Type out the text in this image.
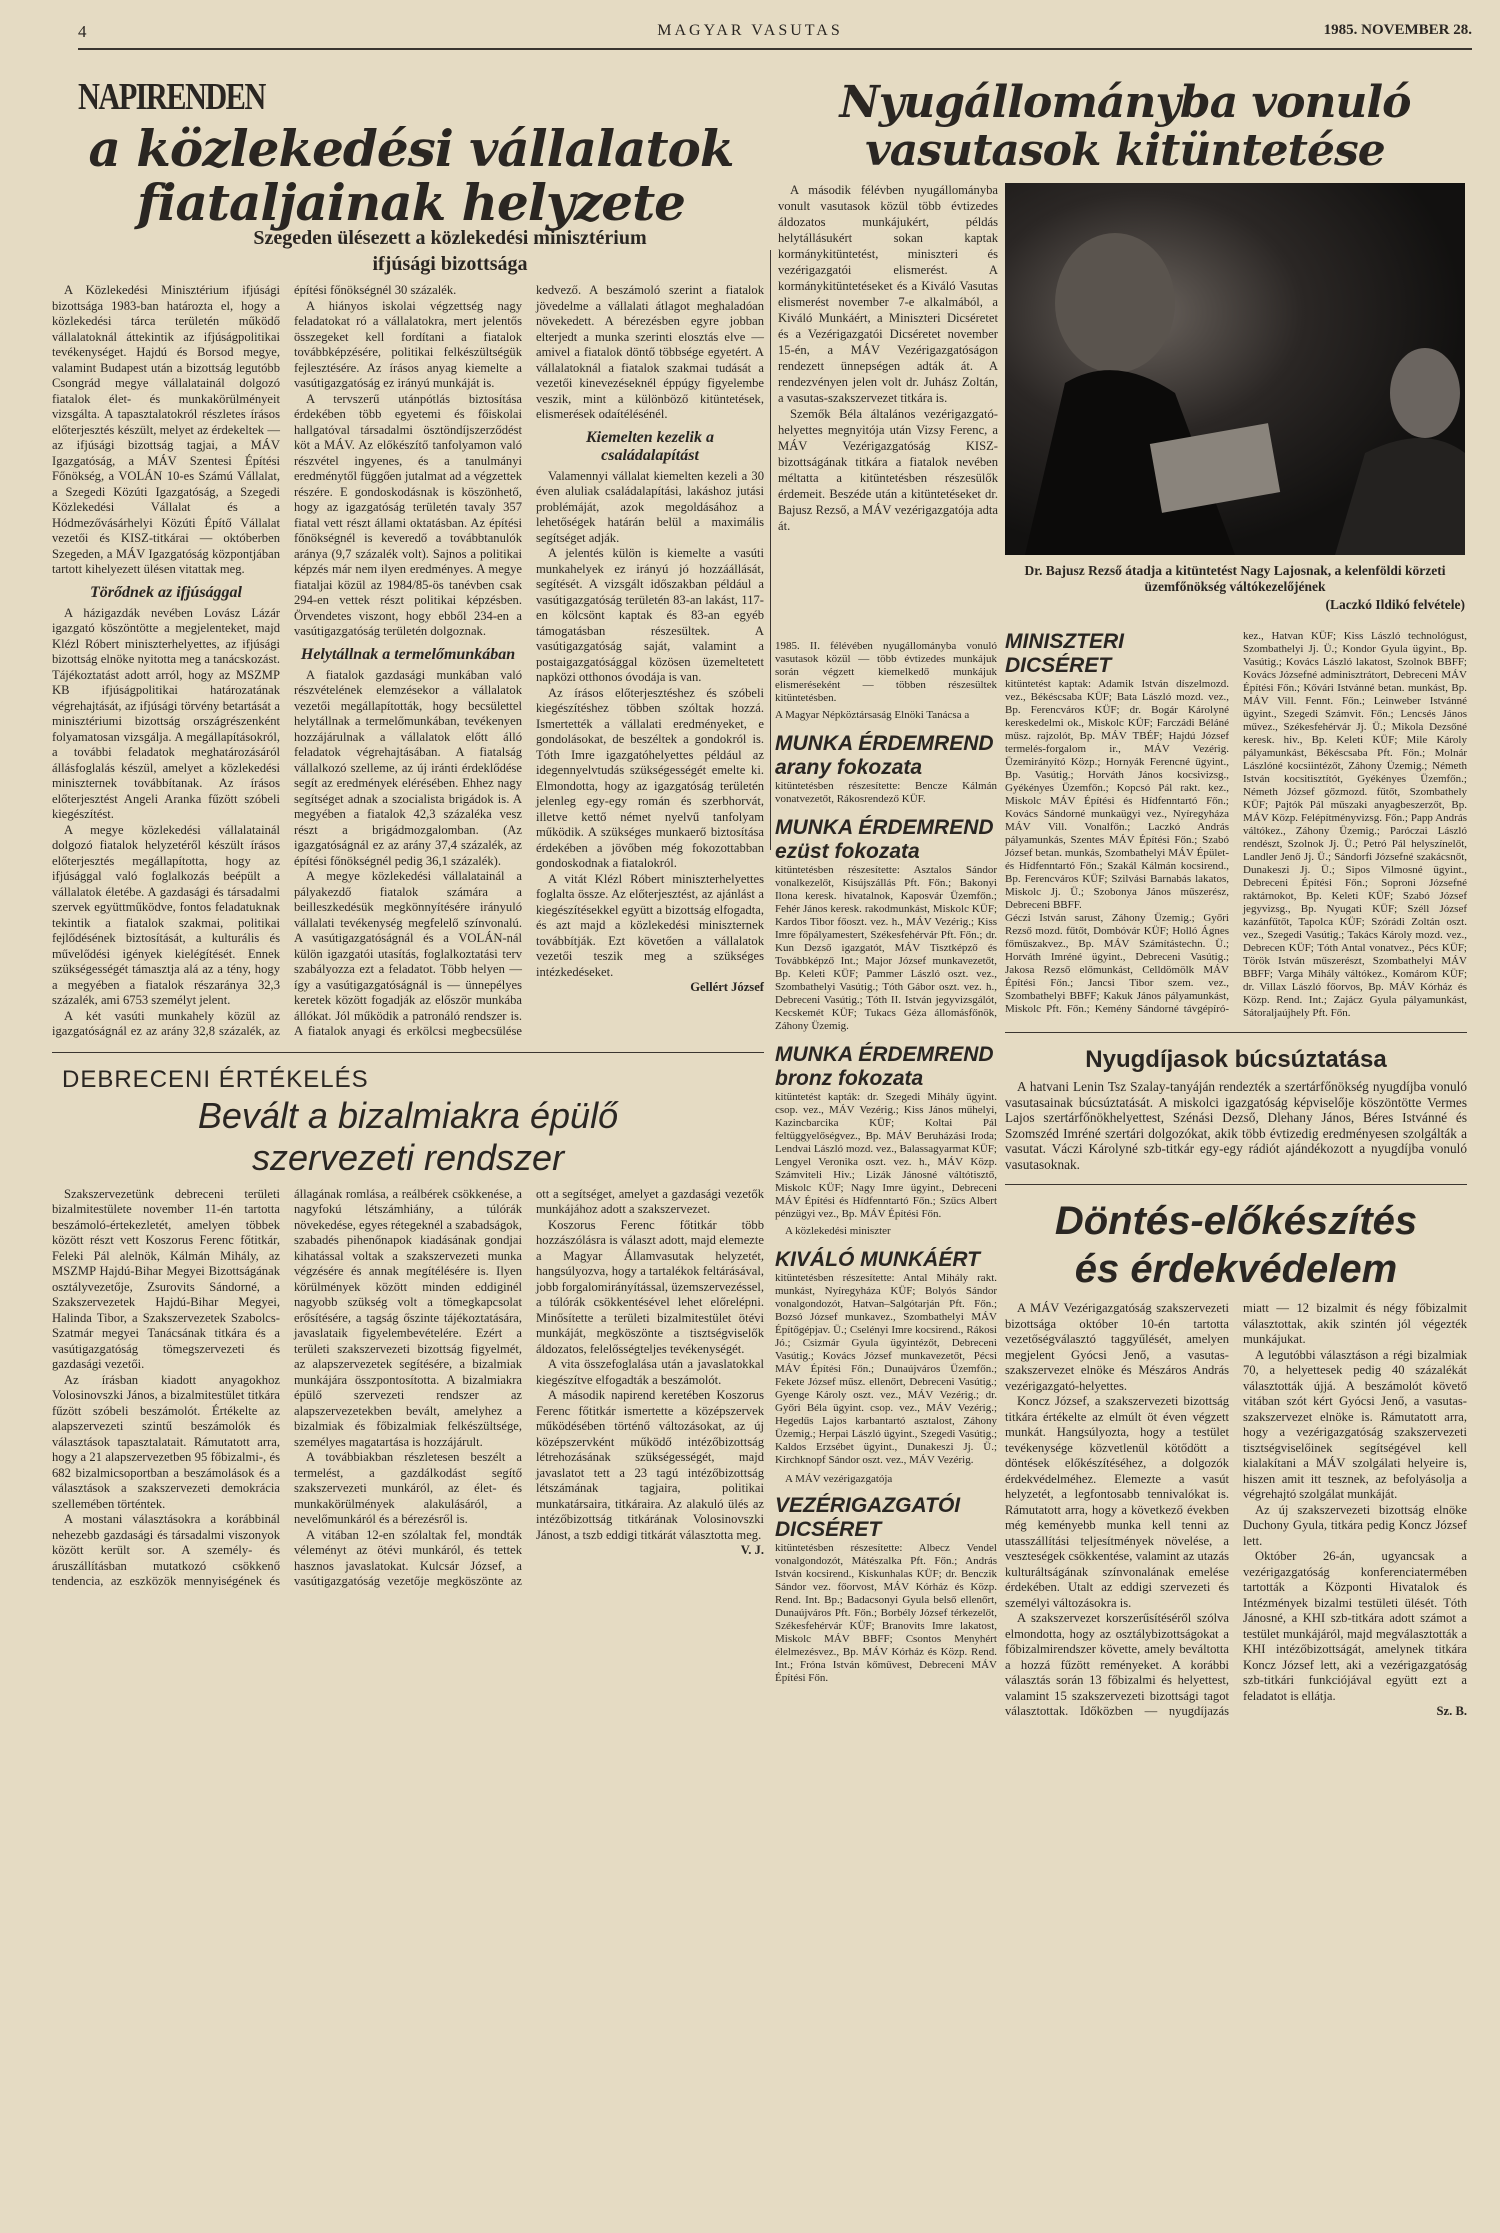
4	MAGYAR VASUTAS	1985. NOVEMBER 28.
NAPIRENDEN
a közlekedési vállalatok
fiataljainak helyzete
Szegeden ülésezett a közlekedési minisztérium ifjúsági bizottsága

A Közlekedési Minisztérium ifjúsági bizottsága 1983-ban határozta el, hogy a közlekedési tárca területén működő vállalatoknál áttekintik az ifjúságpolitikai tevékenységet. Hajdú és Borsod megye, valamint Budapest után a bizottság legutóbb Csongrád megye vállalatainál dolgozó fiatalok élet- és munkakörülményeit vizsgálta. A tapasztalatokról részletes írásos előterjesztés készült, melyet az érdekeltek — az ifjúsági bizottság tagjai, a MÁV Igazgatóság, a MÁV Szentesi Építési Főnökség, a VOLÁN 10-es Számú Vállalat, a Szegedi Közúti Igazgatóság, a Szegedi Közlekedési Vállalat és a Hódmezővásárhelyi Közúti Építő Vállalat vezetői és KISZ-titkárai — októberben Szegeden, a MÁV Igazgatóság központjában tartott kihelyezett ülésen vitattak meg.

Törődnek az ifjúsággal

A házigazdák nevében Lovász Lázár igazgató köszöntötte a megjelenteket, majd Klézl Róbert miniszterhelyettes, az ifjúsági bizottság elnöke nyitotta meg a tanácskozást. Tájékoztatást adott arról, hogy az MSZMP KB ifjúságpolitikai határozatának végrehajtását, az ifjúsági törvény betartását a minisztériumi bizottság országrészenként folyamatosan vizsgálja. A megállapításokról, a további feladatok meghatározásáról állásfoglalás készül, amelyet a közlekedési miniszternek továbbítanak. Az írásos előterjesztést Angeli Aranka fűzött szóbeli kiegészítést.

A megye közlekedési vállalatainál dolgozó fiatalok helyzetéről készült írásos előterjesztés megállapította, hogy az ifjúsággal való foglalkozás beépült a vállalatok életébe. A gazdasági és társadalmi szervek együttműködve, fontos feladatuknak tekintik a fiatalok szakmai, politikai fejlődésének biztosítását, a kulturális és művelődési igények kielégítését. Ennek szükségességét támasztja alá az a tény, hogy a megyében a fiatalok részaránya 32,3 százalék, ami 6753 személyt jelent.

A két vasúti munkahely közül az igazgatóságnál ez az arány 32,8 százalék, az építési főnökségnél 30 százalék.

A hiányos iskolai végzettség nagy feladatokat ró a vállalatokra, mert jelentős összegeket kell fordítani a fiatalok továbbképzésére, politikai felkészültségük fejlesztésére. Az írásos anyag kiemelte a vasútigazgatóság ez irányú munkáját is.

A tervszerű utánpótlás biztosítása érdekében több egyetemi és főiskolai hallgatóval társadalmi ösztöndíjszerződést köt a MÁV. Az előkészítő tanfolyamon való részvétel ingyenes, és a tanulmányi eredménytől függően jutalmat ad a végzettek részére. E gondoskodásnak is köszönhető, hogy az igazgatóság területén tavaly 357 fiatal vett részt állami oktatásban. Az építési főnökségnél is keveredő a továbbtanulók aránya (9,7 százalék volt). Sajnos a politikai képzés már nem ilyen eredményes. A megye fiataljai közül az 1984/85-ös tanévben csak 294-en vettek részt politikai képzésben. Örvendetes viszont, hogy ebből 234-en a vasútigazgatóság területén dolgoznak.

Helytállnak a termelőmunkában

A fiatalok gazdasági munkában való részvételének elemzésekor a vállalatok vezetői megállapították, hogy becsülettel helytállnak a termelőmunkában, tevékenyen hozzájárulnak a vállalatok előtt álló feladatok végrehajtásában. A fiatalság vállalkozó szelleme, az új iránti érdeklődése segít az eredmények elérésében. Ehhez nagy segítséget adnak a szocialista brigádok is. A megyében a fiatalok 42,3 százaléka vesz részt a brigádmozgalomban. (Az igazgatóságnál ez az arány 37,4 százalék, az építési főnökségnél pedig 36,1 százalék).

A megye közlekedési vállalatainál a pályakezdő fiatalok számára a beilleszkedésük megkönnyítésére irányuló vállalati tevékenység megfelelő színvonalú. A vasútigazgatóságnál és a VOLÁN-nál külön igazgatói utasítás, foglalkoztatási terv szabályozza ezt a feladatot. Több helyen — így a vasútigazgatóságnál is — ünnepélyes keretek között fogadják az először munkába állókat. Jól működik a patronáló rendszer is. A fiatalok anyagi és erkölcsi megbecsülése kedvező. A beszámoló szerint a fiatalok jövedelme a vállalati átlagot meghaladóan növekedett. A bérezésben egyre jobban elterjedt a munka szerinti elosztás elve — amivel a fiatalok döntő többsége egyetért. A vállalatoknál a fiatalok szakmai tudását a vezetői kinevezéseknél éppúgy figyelembe veszik, mint a különböző kitüntetések, elismerések odaítélésénél.

Kiemelten kezelik a családalapítást

Valamennyi vállalat kiemelten kezeli a 30 éven aluliak családalapítási, lakáshoz jutási problémáját, azok megoldásához a lehetőségek határán belül a maximális segítséget adják.

A jelentés külön is kiemelte a vasúti munkahelyek ez irányú jó hozzáállását, segítését. A vizsgált időszakban például a vasútigazgatóság területén 83-an lakást, 117-en kölcsönt kaptak és 83-an egyéb támogatásban részesültek. A vasútigazgatóság saját, valamint a postaigazgatósággal közösen üzemeltetett napközi otthonos óvodája is van.

Az írásos előterjesztéshez és szóbeli kiegészítéshez többen szóltak hozzá. Ismertették a vállalati eredményeket, e gondolásokat, de beszéltek a gondokról is. Tóth Imre igazgatóhelyettes például az idegennyelvtudás szükségességét emelte ki. Elmondotta, hogy az igazgatóság területén jelenleg egy-egy román és szerbhorvát, illetve kettő német nyelvű tanfolyam működik. A szükséges munkaerő biztosítása érdekében a jövőben még fokozottabban gondoskodnak a fiatalokról.

A vitát Klézl Róbert miniszterhelyettes foglalta össze. Az előterjesztést, az ajánlást a kiegészítésekkel együtt a bizottság elfogadta, és azt majd a közlekedési miniszternek továbbítják. Ezt követően a vállalatok vezetői teszik meg a szükséges intézkedéseket.

Gellért József
DEBRECENI ÉRTÉKELÉS
Bevált a bizalmiakra épülő
szervezeti rendszer

Szakszervezetünk debreceni területi bizalmitestülete november 11-én tartotta beszámoló-értekezletét, amelyen többek között részt vett Koszorus Ferenc főtitkár, Feleki Pál alelnök, Kálmán Mihály, az MSZMP Hajdú-Bihar Megyei Bizottságának osztályvezetője, Zsurovits Sándorné, a Szakszervezetek Hajdú-Bihar Megyei, Halinda Tibor, a Szakszervezetek Szabolcs-Szatmár megyei Tanácsának titkára és a vasútigazgatóság tömegszervezeti és gazdasági vezetői.

Az írásban kiadott anyagokhoz Volosinovszki János, a bizalmitestület titkára fűzött szóbeli beszámolót. Értékelte az alapszervezeti szintű beszámolók és választások tapasztalatait. Rámutatott arra, hogy a 21 alapszervezetben 95 főbizalmi-, és 682 bizalmicsoportban a beszámolások és a választások a szakszervezeti demokrácia szellemében történtek.

A mostani választásokra a korábbinál nehezebb gazdasági és társadalmi viszonyok között került sor. A személy- és áruszállításban mutatkozó csökkenő tendencia, az eszközök mennyiségének és állagának romlása, a reálbérek csökkenése, a nagyfokú létszámhiány, a túlórák növekedése, egyes rétegeknél a szabadságok, szabadés pihenőnapok kiadásának gondjai kihatással voltak a szakszervezeti munka végzésére és annak megítélésére is. Ilyen körülmények között minden eddiginél nagyobb szükség volt a tömegkapcsolat erősítésére, a tagság őszinte tájékoztatására, javaslataik figyelembevételére. Ezért a területi szakszervezeti bizottság figyelmét, az alapszervezetek segítésére, a bizalmiak munkájára összpontosította. A bizalmiakra épülő szervezeti rendszer az alapszervezetekben bevált, amelyhez a bizalmiak és főbizalmiak felkészültsége, személyes magatartása is hozzájárult.

A továbbiakban részletesen beszélt a termelést, a gazdálkodást segítő szakszervezeti munkáról, az élet- és munkakörülmények alakulásáról, a nevelőmunkáról és a bérezésről is.

A vitában 12-en szólaltak fel, mondták véleményt az ötévi munkáról, és tettek hasznos javaslatokat. Kulcsár József, a vasútigazgatóság vezetője megköszönte az ott a segítséget, amelyet a gazdasági vezetők munkájához adott a szakszervezet.

Koszorus Ferenc főtitkár több hozzászólásra is választ adott, majd elemezte a Magyar Államvasutak helyzetét, hangsúlyozva, hogy a tartalékok feltárásával, jobb forgalomirányítással, üzemszervezéssel, a túlórák csökkentésével lehet előrelépni. Minősítette a területi bizalmitestület ötévi munkáját, megköszönte a tisztségviselők áldozatos, felelősségteljes tevékenységét.

A vita összefoglalása után a javaslatokkal kiegészítve elfogadták a beszámolót.

A második napirend keretében Koszorus Ferenc főtitkár ismertette a középszervek működésében történő változásokat, az új középszervként működő intézőbizottság létrehozásának szükségességét, majd javaslatot tett a 23 tagú intézőbizottság létszámának tagjaira, politikai munkatársaira, titkáraira. Az alakuló ülés az intézőbizottság titkárának Volosinovszki Jánost, a tszb eddigi titkárát választotta meg.

V. J.
Nyugállományba vonuló
vasutasok kitüntetése

A második félévben nyugállományba vonult vasutasok közül több évtizedes áldozatos munkájukért, példás helytállásukért sokan kaptak kormánykitüntetést, miniszteri és vezérigazgatói elismerést. A kormánykitüntetéseket és a Kiváló Vasutas elismerést november 7-e alkalmából, a Kiváló Munkáért, a Miniszteri Dicséretet és a Vezérigazgatói Dicséretet november 15-én, a MÁV Vezérigazgatóságon rendezett ünnepségen adták át. A rendezvényen jelen volt dr. Juhász Zoltán, a vasutas-szakszervezet titkára is.

Szemők Béla általános vezérigazgató-helyettes megnyitója után Vizsy Ferenc, a MÁV Vezérigazgatóság KISZ-bizottságának titkára a fiatalok nevében méltatta a kitüntetésben részesülők érdemeit. Beszéde után a kitüntetéseket dr. Bajusz Rezső, a MÁV vezérigazgatója adta át.

Dr. Bajusz Rezső átadja a kitüntetést Nagy Lajosnak, a kelenföldi körzeti üzemfőnökség váltókezelőjének
(Laczkó Ildikó felvétele)
1985. II. félévében nyugállományba vonuló vasutasok közül — több évtizedes munkájuk során végzett kiemelkedő munkájuk elismeréseként — többen részesültek kitüntetésben.
A Magyar Népköztársaság Elnöki Tanácsa a
MUNKA ÉRDEMREND
arany fokozata
kitüntetésben részesítette: Bencze Kálmán vonatvezetőt, Rákosrendező KÜF.
MUNKA ÉRDEMREND
ezüst fokozata
kitüntetésben részesítette: Asztalos Sándor vonalkezelőt, Kisújszállás Pft. Főn.; Bakonyi Ilona keresk. hivatalnok, Kaposvár Üzemfőn.; Fehér János keresk. rakodmunkást, Miskolc KÜF; Kardos Tibor főoszt. vez. h., MÁV Vezérig.; Kiss Imre főpályamestert, Székesfehérvár Pft. Főn.; dr. Kun Dezső igazgatót, MÁV Tisztképző és Továbbképző Int.; Major József munkavezetőt, Bp. Keleti KÜF; Pammer László oszt. vez., Szombathelyi Vasútig.; Tóth Gábor oszt. vez. h., Debreceni Vasútig.; Tóth II. István jegyvizsgálót, Kecskemét KÜF; Tukacs Géza állomásfőnök, Záhony Üzemig.
MUNKA ÉRDEMREND
bronz fokozata
kitüntetést kapták: dr. Szegedi Mihály ügyint. csop. vez., MÁV Vezérig.; Kiss János műhelyi, Kazincbarcika KÜF; Koltai Pál feltüggyelőségvez., Bp. MÁV Beruházási Iroda; Lendvai László mozd. vez., Balassagyarmat KÜF; Lengyel Veronika oszt. vez. h., MÁV Közp. Számviteli Hiv.; Lizák Jánosné váltótisztő, Miskolc KÜF; Nagy Imre ügyint., Debreceni MÁV Építési és Hídfenntartó Főn.; Szűcs Albert pénzügyi vez., Bp. MÁV Építési Főn.
A közlekedési miniszter
KIVÁLÓ MUNKÁÉRT
kitüntetésben részesítette: Antal Mihály rakt. munkást, Nyíregyháza KÜF; Bolyós Sándor vonalgondozót, Hatvan–Salgótarján Pft. Főn.; Bozsó József munkavez., Szombathelyi MÁV Építőgépjav. Ü.; Cselényi Imre kocsirend., Rákosi Jó.; Csizmár Gyula ügyintézőt, Debreceni Vasútig.; Kovács József munkavezetőt, Pécsi MÁV Építési Főn.; Dunaújváros Üzemfőn.; Fekete József műsz. ellenőrt, Debreceni Vasútig.; Gyenge Károly oszt. vez., MÁV Vezérig.; dr. Győri Béla ügyint. csop. vez., MÁV Vezérig.; Hegedűs Lajos karbantartó asztalost, Záhony Üzemig.; Herpai László ügyint., Szegedi Vasútig.; Kaldos Erzsébet ügyint., Dunakeszi Jj. Ü.; Kirchknopf Sándor oszt. vez., MÁV Vezérig.
A MÁV vezérigazgatója
VEZÉRIGAZGATÓI
DICSÉRET
kitüntetésben részesítette: Albecz Vendel vonalgondozót, Mátészalka Pft. Főn.; András István kocsirend., Kiskunhalas KÜF; dr. Benczik Sándor vez. főorvost, MÁV Kórház és Közp. Rend. Int. Bp.; Badacsonyi Gyula belső ellenőrt, Dunaújváros Pft. Főn.; Borbély József térkezelőt, Székesfehérvár KÜF; Branovits Imre lakatost, Miskolc MÁV BBFF; Csontos Menyhért élelmezésvez., Bp. MÁV Kórház és Közp. Rend. Int.; Fróna István kőművest, Debreceni MÁV Építési Főn.
MINISZTERI
DICSÉRET
kitüntetést kaptak: Adamik István díszelmozd. vez., Békéscsaba KÜF; Bata László mozd. vez., Bp. Ferencváros KÜF; dr. Bogár Károlyné kereskedelmi ok., Miskolc KÜF; Farczádi Béláné műsz. rajzolót, Bp. MÁV TBÉF; Hajdú József termelés-forgalom ir., MÁV Vezérig. Üzemirányító Közp.; Hornyák Ferencné ügyint., Bp. Vasútig.; Horváth János kocsivizsg., Gyékényes Üzemfőn.; Kopcsó Pál rakt. kez., Miskolc MÁV Építési és Hídfenntartó Főn.; Kovács Sándorné munkaügyi vez., Nyíregyháza MÁV Vill. Vonalfőn.; Laczkó András pályamunkás, Szentes MÁV Építési Főn.; Szabó József betan. munkás, Szombathelyi MÁV Épület- és Hídfenntartó Főn.; Szakál Kálmán kocsirend., Bp. Ferencváros KÜF; Szilvási Barnabás lakatos, Miskolc Jj. Ü.; Szobonya János műszerész, Debreceni BBFF.
Géczi István sarust, Záhony Üzemig.; Győri Rezső mozd. fűtőt, Dombóvár KÜF; Holló Ágnes főműszakvez., Bp. MÁV Számítástechn. Ü.; Horváth Imréné ügyint., Debreceni Vasútig.; Jakosa Rezső előmunkást, Celldömölk MÁV Építési Főn.; Jancsi Tibor szem. vez., Szombathelyi BBFF; Kakuk János pályamunkást, Miskolc Pft. Főn.; Kemény Sándorné távgépíró-kez., Hatvan KÜF; Kiss László technológust, Szombathelyi Jj. Ü.; Kondor Gyula ügyint., Bp. Vasútig.; Kovács László lakatost, Szolnok BBFF; Kovács Józsefné adminisztrátort, Debreceni MÁV Építési Főn.; Kővári Istvánné betan. munkást, Bp. MÁV Vill. Fennt. Főn.; Leinweber Istvánné ügyint., Szegedi Számvit. Főn.; Lencsés János művez., Székesfehérvár Jj. Ü.; Mikola Dezsőné keresk. hiv., Bp. Keleti KÜF; Mile Károly pályamunkást, Békéscsaba Pft. Főn.; Molnár Lászlóné kocsiintézőt, Záhony Üzemig.; Németh István kocsitisztítót, Gyékényes Üzemfőn.; Németh József gőzmozd. fűtőt, Szombathely KÜF; Pajtók Pál műszaki anyagbeszerzőt, Bp. MÁV Közp. Felépítményvizsg. Főn.; Papp András váltókez., Záhony Üzemig.; Paróczai László rendészt, Szolnok Jj. Ü.; Petró Pál helyszínelőt, Landler Jenő Jj. Ü.; Sándorfi Józsefné szakácsnőt, Dunakeszi Jj. Ü.; Sipos Vilmosné ügyint., Debreceni Építési Főn.; Soproni Józsefné raktárnokot, Bp. Keleti KÜF; Szabó József jegyvizsg., Bp. Nyugati KÜF; Széll József kazánfűtőt, Tapolca KÜF; Szórádi Zoltán oszt. vez., Szegedi Vasútig.; Takács Károly mozd. vez., Debrecen KÜF; Tóth Antal vonatvez., Pécs KÜF; Török István műszerészt, Szombathelyi MÁV BBFF; Varga Mihály váltókez., Komárom KÜF; dr. Villax László főorvos, Bp. MÁV Kórház és Közp. Rend. Int.; Zajácz Gyula pályamunkást, Sátoraljaújhely Pft. Főn.
Nyugdíjasok búcsúztatása

A hatvani Lenin Tsz Szalay-tanyáján rendezték a szertárfőnökség nyugdíjba vonuló vasutasainak búcsúztatását. A miskolci igazgatóság képviselője köszöntötte Vermes Lajos szertárfőnökhelyettest, Szénási Dezső, Dlehany János, Béres Istvánné és Szomszéd Imréné szertári dolgozókat, akik több évtizedig eredményesen szolgálták a vasutat. Váczi Károlyné szb-titkár egy-egy rádiót ajándékozott a nyugdíjba vonuló vasutasoknak.

Döntés-előkészítés
és érdekvédelem

A MÁV Vezérigazgatóság szakszervezeti bizottsága október 10-én tartotta vezetőségválasztó taggyűlését, amelyen megjelent Gyócsi Jenő, a vasutas-szakszervezet elnöke és Mészáros András vezérigazgató-helyettes.

Koncz József, a szakszervezeti bizottság titkára értékelte az elmúlt öt éven végzett munkát. Hangsúlyozta, hogy a testület tevékenysége közvetlenül kötődött a döntések előkészítéséhez, a dolgozók érdekvédelméhez. Elemezte a vasút helyzetét, a legfontosabb tennivalókat is. Rámutatott arra, hogy a következő években még keményebb munka kell tenni az utasszállítási teljesítmények növelése, a veszteségek csökkentése, valamint az utazás kulturáltságának színvonalának emelése érdekében. Utalt az eddigi szervezeti és személyi változásokra is.

A szakszervezet korszerűsítéséről szólva elmondotta, hogy az osztálybizottságokat a főbizalmirendszer követte, amely beváltotta a hozzá fűzött reményeket. A korábbi választás során 13 főbizalmi és helyettest, valamint 15 szakszervezeti bizottsági tagot választottak. Időközben — nyugdíjazás miatt — 12 bizalmit és négy főbizalmit választottak, akik szintén jól végezték munkájukat.

A legutóbbi választáson a régi bizalmiak 70, a helyettesek pedig 40 százalékát választották újjá. A beszámolót követő vitában szót kért Gyócsi Jenő, a vasutas-szakszervezet elnöke is. Rámutatott arra, hogy a vezérigazgatóság szakszervezeti tisztségviselőinek segítségével kell kialakítani a MÁV szolgálati helyeire is, hiszen amit itt tesznek, az befolyásolja a végrehajtó szolgálat munkáját.

Az új szakszervezeti bizottság elnöke Duchony Gyula, titkára pedig Koncz József lett.

Október 26-án, ugyancsak a vezérigazgatóság konferenciatermében tartották a Központi Hivatalok és Intézmények bizalmi testületi ülését. Tóth Jánosné, a KHI szb-titkára adott számot a testület munkájáról, majd megválasztották a KHI intézőbizottságát, amelynek titkára Koncz József lett, aki a vezérigazgatóság szb-titkári funkciójával együtt ezt a feladatot is ellátja.

Sz. B.
